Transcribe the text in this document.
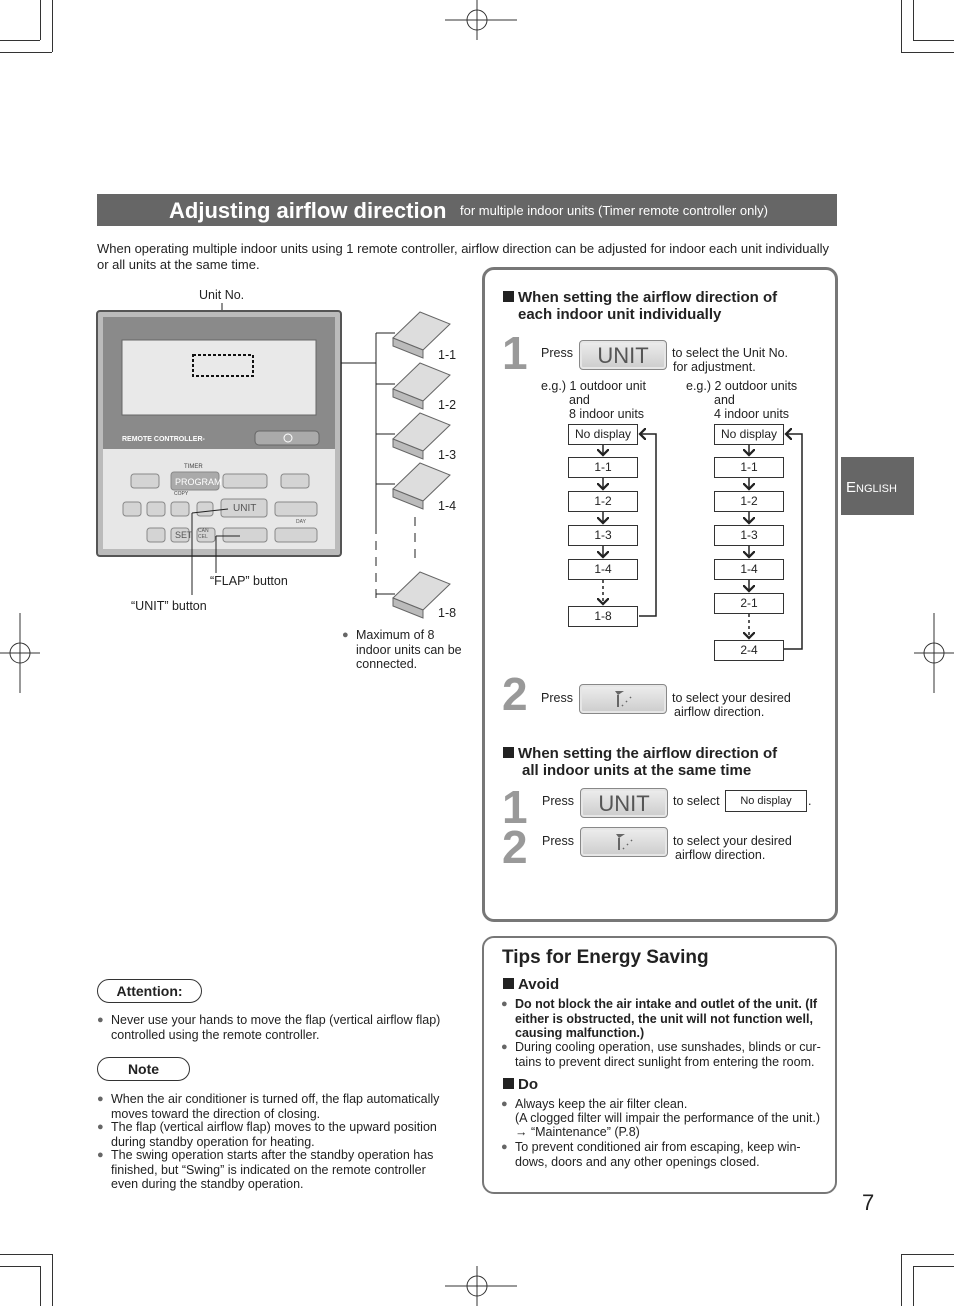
Adjusting airflow direction for multiple indoor units (Timer remote controller only)
When operating multiple indoor units using 1 remote controller, airflow direction can be adjusted for indoor each unit individually or all units at the same time.
English
Unit No.
REMOTE CONTROLLER-
TIMER
PROGRAM
COPY
UNIT
SET CAN CEL
DAY
“FLAP” button
“UNIT” button
1-1
1-2
1-3
1-4
1-8
● Maximum of 8 indoor units can be connected.
When setting the airflow direction of
each indoor unit individually
1 Press	UNIT	to select the Unit No.
for adjustment.
e.g.) 1 outdoor unit
and
8 indoor units
e.g.) 2 outdoor units
and
4 indoor units
No display
1-1
1-2
1-3
1-4
1-8
No display
1-1
1-2
1-3
1-4
2-1
2-4
2 Press	to select your desired
airflow direction.
When setting the airflow direction of
all indoor units at the same time
1 Press	UNIT	to select	No display	.
2 Press	to select your desired
airflow direction.
Attention:
● Never use your hands to move the flap (vertical airflow flap) controlled using the remote controller.
Note
● When the air conditioner is turned off, the flap automatically moves toward the direction of closing.
● The flap (vertical airflow flap) moves to the upward position during standby operation for heating.
● The swing operation starts after the standby operation has finished, but “Swing” is indicated on the remote controller even during the standby operation.
Tips for Energy Saving
Avoid
● Do not block the air intake and outlet of the unit. (If either is obstructed, the unit will not function well, causing malfunction.)
● During cooling operation, use sunshades, blinds or cur-tains to prevent direct sunlight from entering the room.
Do
● Always keep the air filter clean.
(A clogged filter will impair the performance of the unit.)
→ “Maintenance” (P.8)
● To prevent conditioned air from escaping, keep win-dows, doors and any other openings closed.
7
